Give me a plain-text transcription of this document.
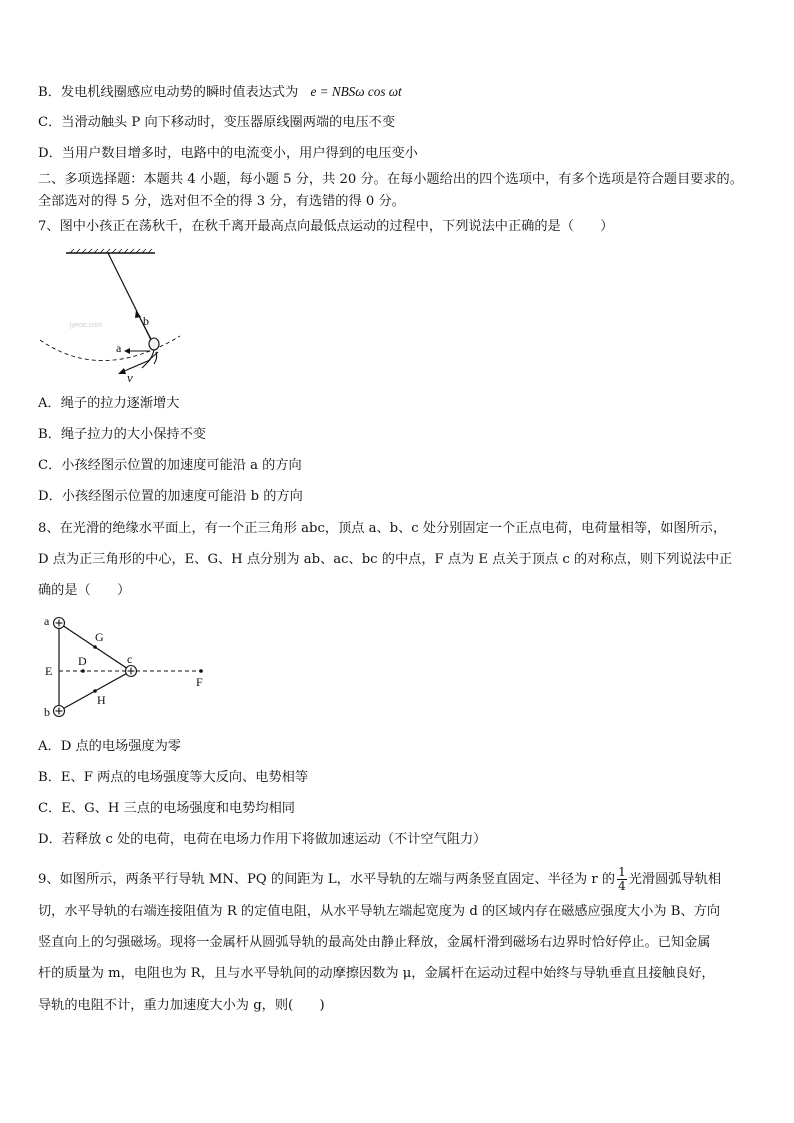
B．发电机线圈感应电动势的瞬时值表达式为 e = NBSω cos ωt
C．当滑动触头 P 向下移动时，变压器原线圈两端的电压不变
D．当用户数目增多时，电路中的电流变小，用户得到的电压变小
二、多项选择题：本题共 4 小题，每小题 5 分，共 20 分。在每小题给出的四个选项中，有多个选项是符合题目要求的。
全部选对的得 5 分，选对但不全的得 3 分，有选错的得 0 分。
7、图中小孩正在荡秋千，在秋千离开最高点向最低点运动的过程中，下列说法中正确的是（　　）
jyeoo.com	b
a
v
A．绳子的拉力逐渐增大
B．绳子拉力的大小保持不变
C．小孩经图示位置的加速度可能沿 a 的方向
D．小孩经图示位置的加速度可能沿 b 的方向
8、在光滑的绝缘水平面上，有一个正三角形 abc，顶点 a、b、c 处分别固定一个正点电荷，电荷量相等，如图所示，
D 点为正三角形的中心，E、G、H 点分别为 ab、ac、bc 的中点，F 点为 E 点关于顶点 c 的对称点，则下列说法中正
确的是（　　）
a
b
c
D
E
F
G
H
A．D 点的电场强度为零
B．E、F 两点的电场强度等大反向、电势相等
C．E、G、H 三点的电场强度和电势均相同
D．若释放 c 处的电荷，电荷在电场力作用下将做加速运动（不计空气阻力）
9、如图所示，两条平行导轨 MN、PQ 的间距为 L，水平导轨的左端与两条竖直固定、半径为 r 的 $\frac{1}{4}$ 光滑圆弧导轨相
切，水平导轨的右端连接阻值为 R 的定值电阻，从水平导轨左端起宽度为 d 的区域内存在磁感应强度大小为 B、方向
竖直向上的匀强磁场。现将一金属杆从圆弧导轨的最高处由静止释放，金属杆滑到磁场右边界时恰好停止。已知金属
杆的质量为 m，电阻也为 R，且与水平导轨间的动摩擦因数为 μ，金属杆在运动过程中始终与导轨垂直且接触良好，
导轨的电阻不计，重力加速度大小为 g，则(　　)
